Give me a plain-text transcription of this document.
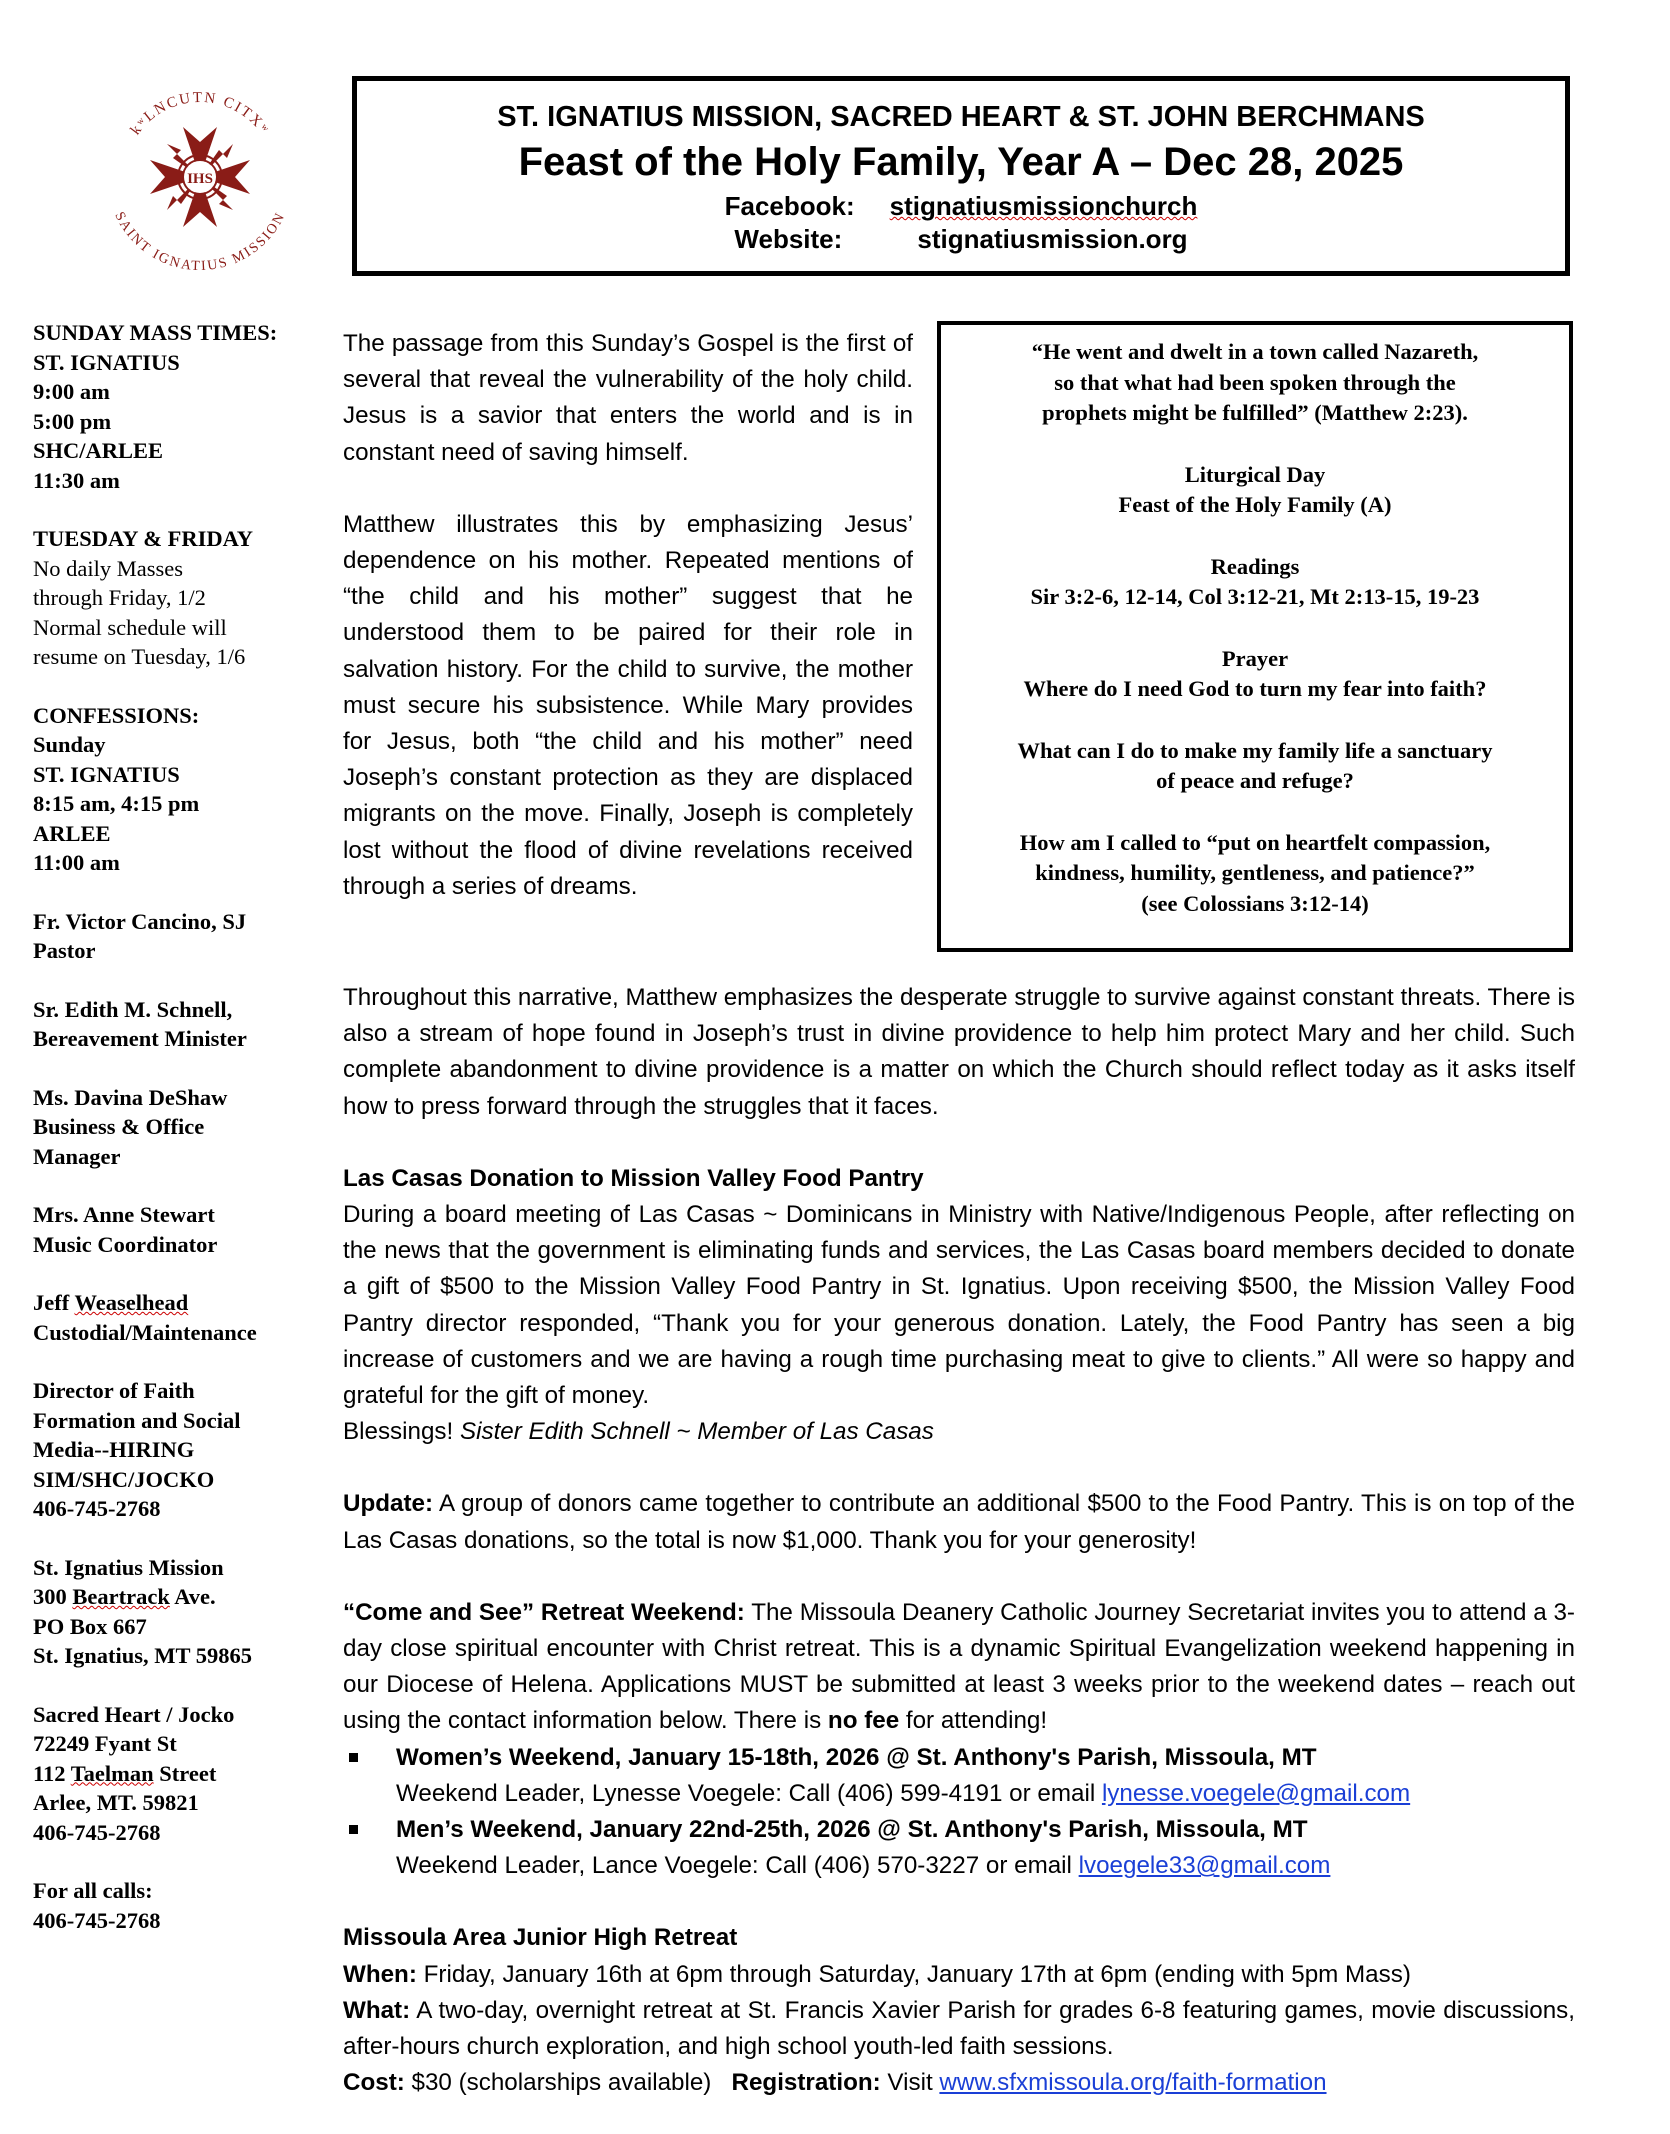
IHS
kʷLNCUTN CITXʷ
SAINT IGNATIUS MISSION
ST. IGNATIUS MISSION, SACRED HEART & ST. JOHN BERCHMANS
Feast of the Holy Family, Year A – Dec 28, 2025
Facebook: stignatiusmissionchurch
Website:	stignatiusmission.org
SUNDAY MASS TIMES:
ST. IGNATIUS
9:00 am
5:00 pm
SHC/ARLEE
11:30 am
TUESDAY & FRIDAY
No daily Masses
through Friday, 1/2
Normal schedule will
resume on Tuesday, 1/6
CONFESSIONS:
Sunday
ST. IGNATIUS
8:15 am, 4:15 pm
ARLEE
11:00 am
Fr. Victor Cancino, SJ
Pastor
Sr. Edith M. Schnell,
Bereavement Minister
Ms. Davina DeShaw
Business & Office
Manager
Mrs. Anne Stewart
Music Coordinator
Jeff Weaselhead
Custodial/Maintenance
Director of Faith
Formation and Social
Media--HIRING
SIM/SHC/JOCKO
406-745-2768
St. Ignatius Mission
300 Beartrack Ave.
PO Box 667
St. Ignatius, MT 59865
Sacred Heart / Jocko
72249 Fyant St
112 Taelman Street
Arlee, MT. 59821
406-745-2768
For all calls:
406-745-2768

The passage from this Sunday’s Gospel is the first of several that reveal the vulnerability of the holy child. Jesus is a savior that enters the world and is in constant need of saving himself.

Matthew illustrates this by emphasizing Jesus’ dependence on his mother. Repeated mentions of “the child and his mother” suggest that he understood them to be paired for their role in salvation history. For the child to survive, the mother must secure his subsistence. While Mary provides for Jesus, both “the child and his mother” need Joseph’s constant protection as they are displaced migrants on the move. Finally, Joseph is completely lost without the flood of divine revelations received through a series of dreams.

“He went and dwelt in a town called Nazareth,
so that what had been spoken through the
prophets might be fulfilled” (Matthew 2:23).

Liturgical Day
Feast of the Holy Family (A)

Readings
Sir 3:2-6, 12-14, Col 3:12-21, Mt 2:13-15, 19-23

Prayer
Where do I need God to turn my fear into faith?

What can I do to make my family life a sanctuary
of peace and refuge?

How am I called to “put on heartfelt compassion,
kindness, humility, gentleness, and patience?”
(see Colossians 3:12-14)

Throughout this narrative, Matthew emphasizes the desperate struggle to survive against constant threats. There is also a stream of hope found in Joseph’s trust in divine providence to help him protect Mary and her child. Such complete abandonment to divine providence is a matter on which the Church should reflect today as it asks itself how to press forward through the struggles that it faces.

Las Casas Donation to Mission Valley Food Pantry
During a board meeting of Las Casas ~ Dominicans in Ministry with Native/Indigenous People, after reflecting on the news that the government is eliminating funds and services, the Las Casas board members decided to donate a gift of $500 to the Mission Valley Food Pantry in St. Ignatius. Upon receiving $500, the Mission Valley Food Pantry director responded, “Thank you for your generous donation. Lately, the Food Pantry has seen a big increase of customers and we are having a rough time purchasing meat to give to clients.” All were so happy and grateful for the gift of money.
Blessings! Sister Edith Schnell ~ Member of Las Casas

Update: A group of donors came together to contribute an additional $500 to the Food Pantry. This is on top of the Las Casas donations, so the total is now $1,000. Thank you for your generosity!

“Come and See” Retreat Weekend: The Missoula Deanery Catholic Journey Secretariat invites you to attend a 3-day close spiritual encounter with Christ retreat. This is a dynamic Spiritual Evangelization weekend happening in our Diocese of Helena. Applications MUST be submitted at least 3 weeks prior to the weekend dates – reach out using the contact information below. There is no fee for attending!
Women’s Weekend, January 15-18th, 2026 @ St. Anthony's Parish, Missoula, MT
Weekend Leader, Lynesse Voegele: Call (406) 599-4191 or email lynesse.voegele@gmail.com
Men’s Weekend, January 22nd-25th, 2026 @ St. Anthony's Parish, Missoula, MT
Weekend Leader, Lance Voegele: Call (406) 570-3227 or email lvoegele33@gmail.com
Missoula Area Junior High Retreat
When: Friday, January 16th at 6pm through Saturday, January 17th at 6pm (ending with 5pm Mass)
What: A two-day, overnight retreat at St. Francis Xavier Parish for grades 6-8 featuring games, movie discussions, after-hours church exploration, and high school youth-led faith sessions.
Cost: $30 (scholarships available)   Registration: Visit www.sfxmissoula.org/faith-formation
